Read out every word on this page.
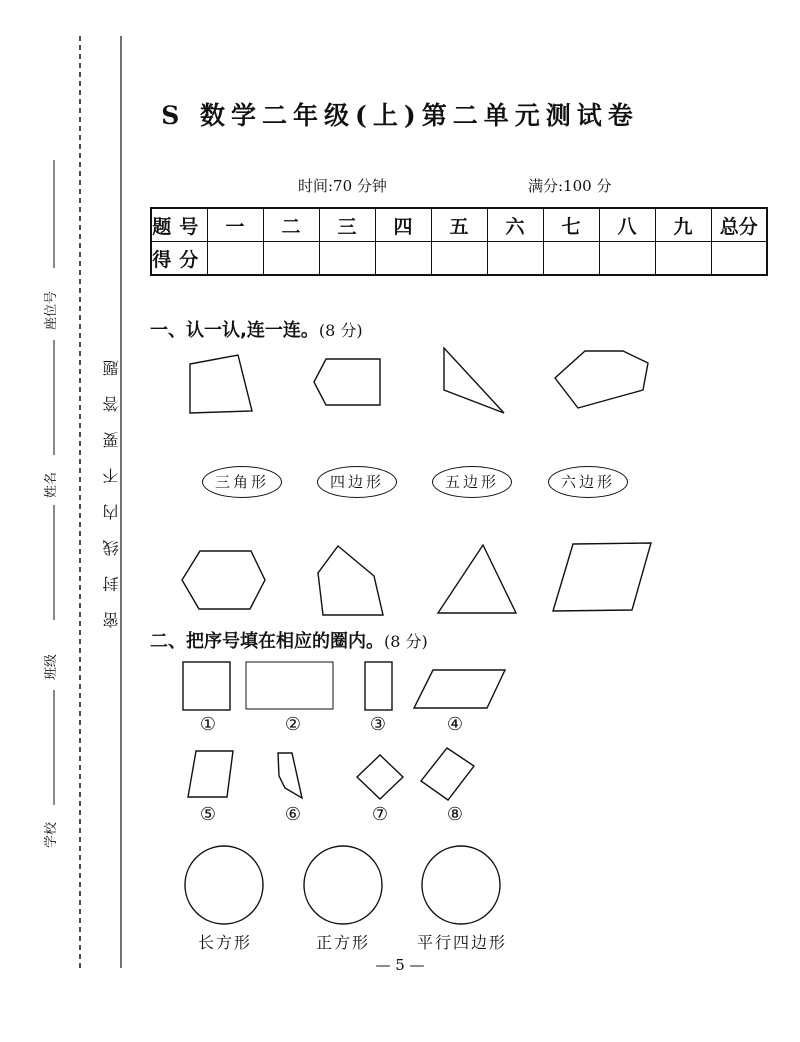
座位号
姓名
班级
学校
密封线内不要答题
S 数学二年级(上)第二单元测试卷
时间:70 分钟	满分:100 分
题号	一	二	三	四	五	六	七	八	九	总分
得分										
一、认一认,连一连。(8 分)
三角形	四边形	五边形	六边形
二、把序号填在相应的圈内。(8 分)
①	②	③	④
⑤	⑥	⑦	⑧
长方形	正方形	平行四边形
— 5 —
